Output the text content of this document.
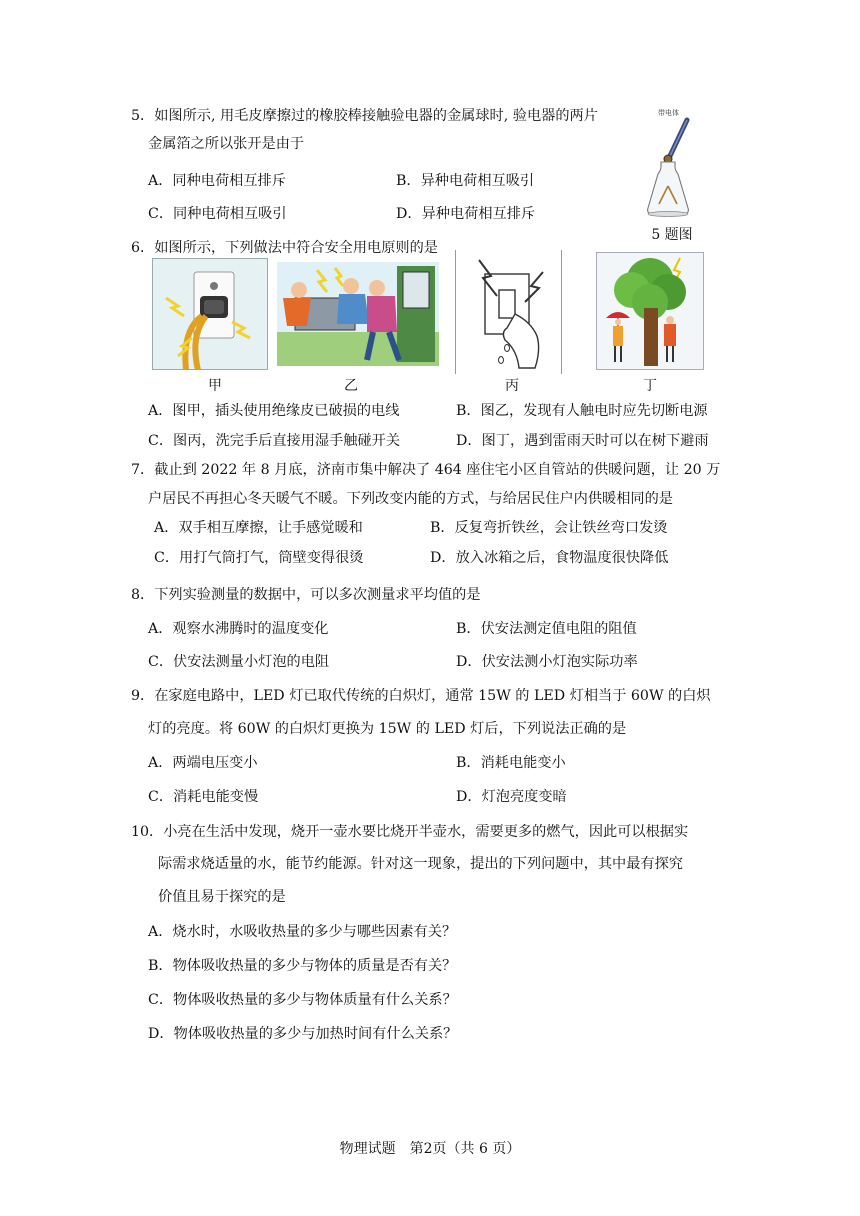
5．如图所示, 用毛皮摩擦过的橡胶棒接触验电器的金属球时, 验电器的两片
金属箔之所以张开是由于
A．同种电荷相互排斥	B．异种电荷相互吸引
C．同种电荷相互吸引	D．异种电荷相互排斥
带电体
5 题图
6．如图所示，下列做法中符合安全用电原则的是
甲	乙	丙	丁
A．图甲，插头使用绝缘皮已破损的电线	B．图乙，发现有人触电时应先切断电源
C．图丙，洗完手后直接用湿手触碰开关	D．图丁，遇到雷雨天时可以在树下避雨
7．截止到 2022 年 8 月底，济南市集中解决了 464 座住宅小区自管站的供暖问题，让 20 万
户居民不再担心冬天暖气不暖。下列改变内能的方式，与给居民住户内供暖相同的是
A．双手相互摩擦，让手感觉暖和	B．反复弯折铁丝，会让铁丝弯口发烫
C．用打气筒打气，筒壁变得很烫	D．放入冰箱之后，食物温度很快降低
8．下列实验测量的数据中，可以多次测量求平均值的是
A．观察水沸腾时的温度变化	B．伏安法测定值电阻的阻值
C．伏安法测量小灯泡的电阻	D．伏安法测小灯泡实际功率
9．在家庭电路中，LED 灯已取代传统的白炽灯，通常 15W 的 LED 灯相当于 60W 的白炽
灯的亮度。将 60W 的白炽灯更换为 15W 的 LED 灯后，下列说法正确的是
A．两端电压变小	B．消耗电能变小
C．消耗电能变慢	D．灯泡亮度变暗
10．小亮在生活中发现，烧开一壶水要比烧开半壶水，需要更多的燃气，因此可以根据实
际需求烧适量的水，能节约能源。针对这一现象，提出的下列问题中，其中最有探究
价值且易于探究的是
A．烧水时，水吸收热量的多少与哪些因素有关？
B．物体吸收热量的多少与物体的质量是否有关？
C．物体吸收热量的多少与物体质量有什么关系？
D．物体吸收热量的多少与加热时间有什么关系？
物理试题　第2页（共 6 页）
